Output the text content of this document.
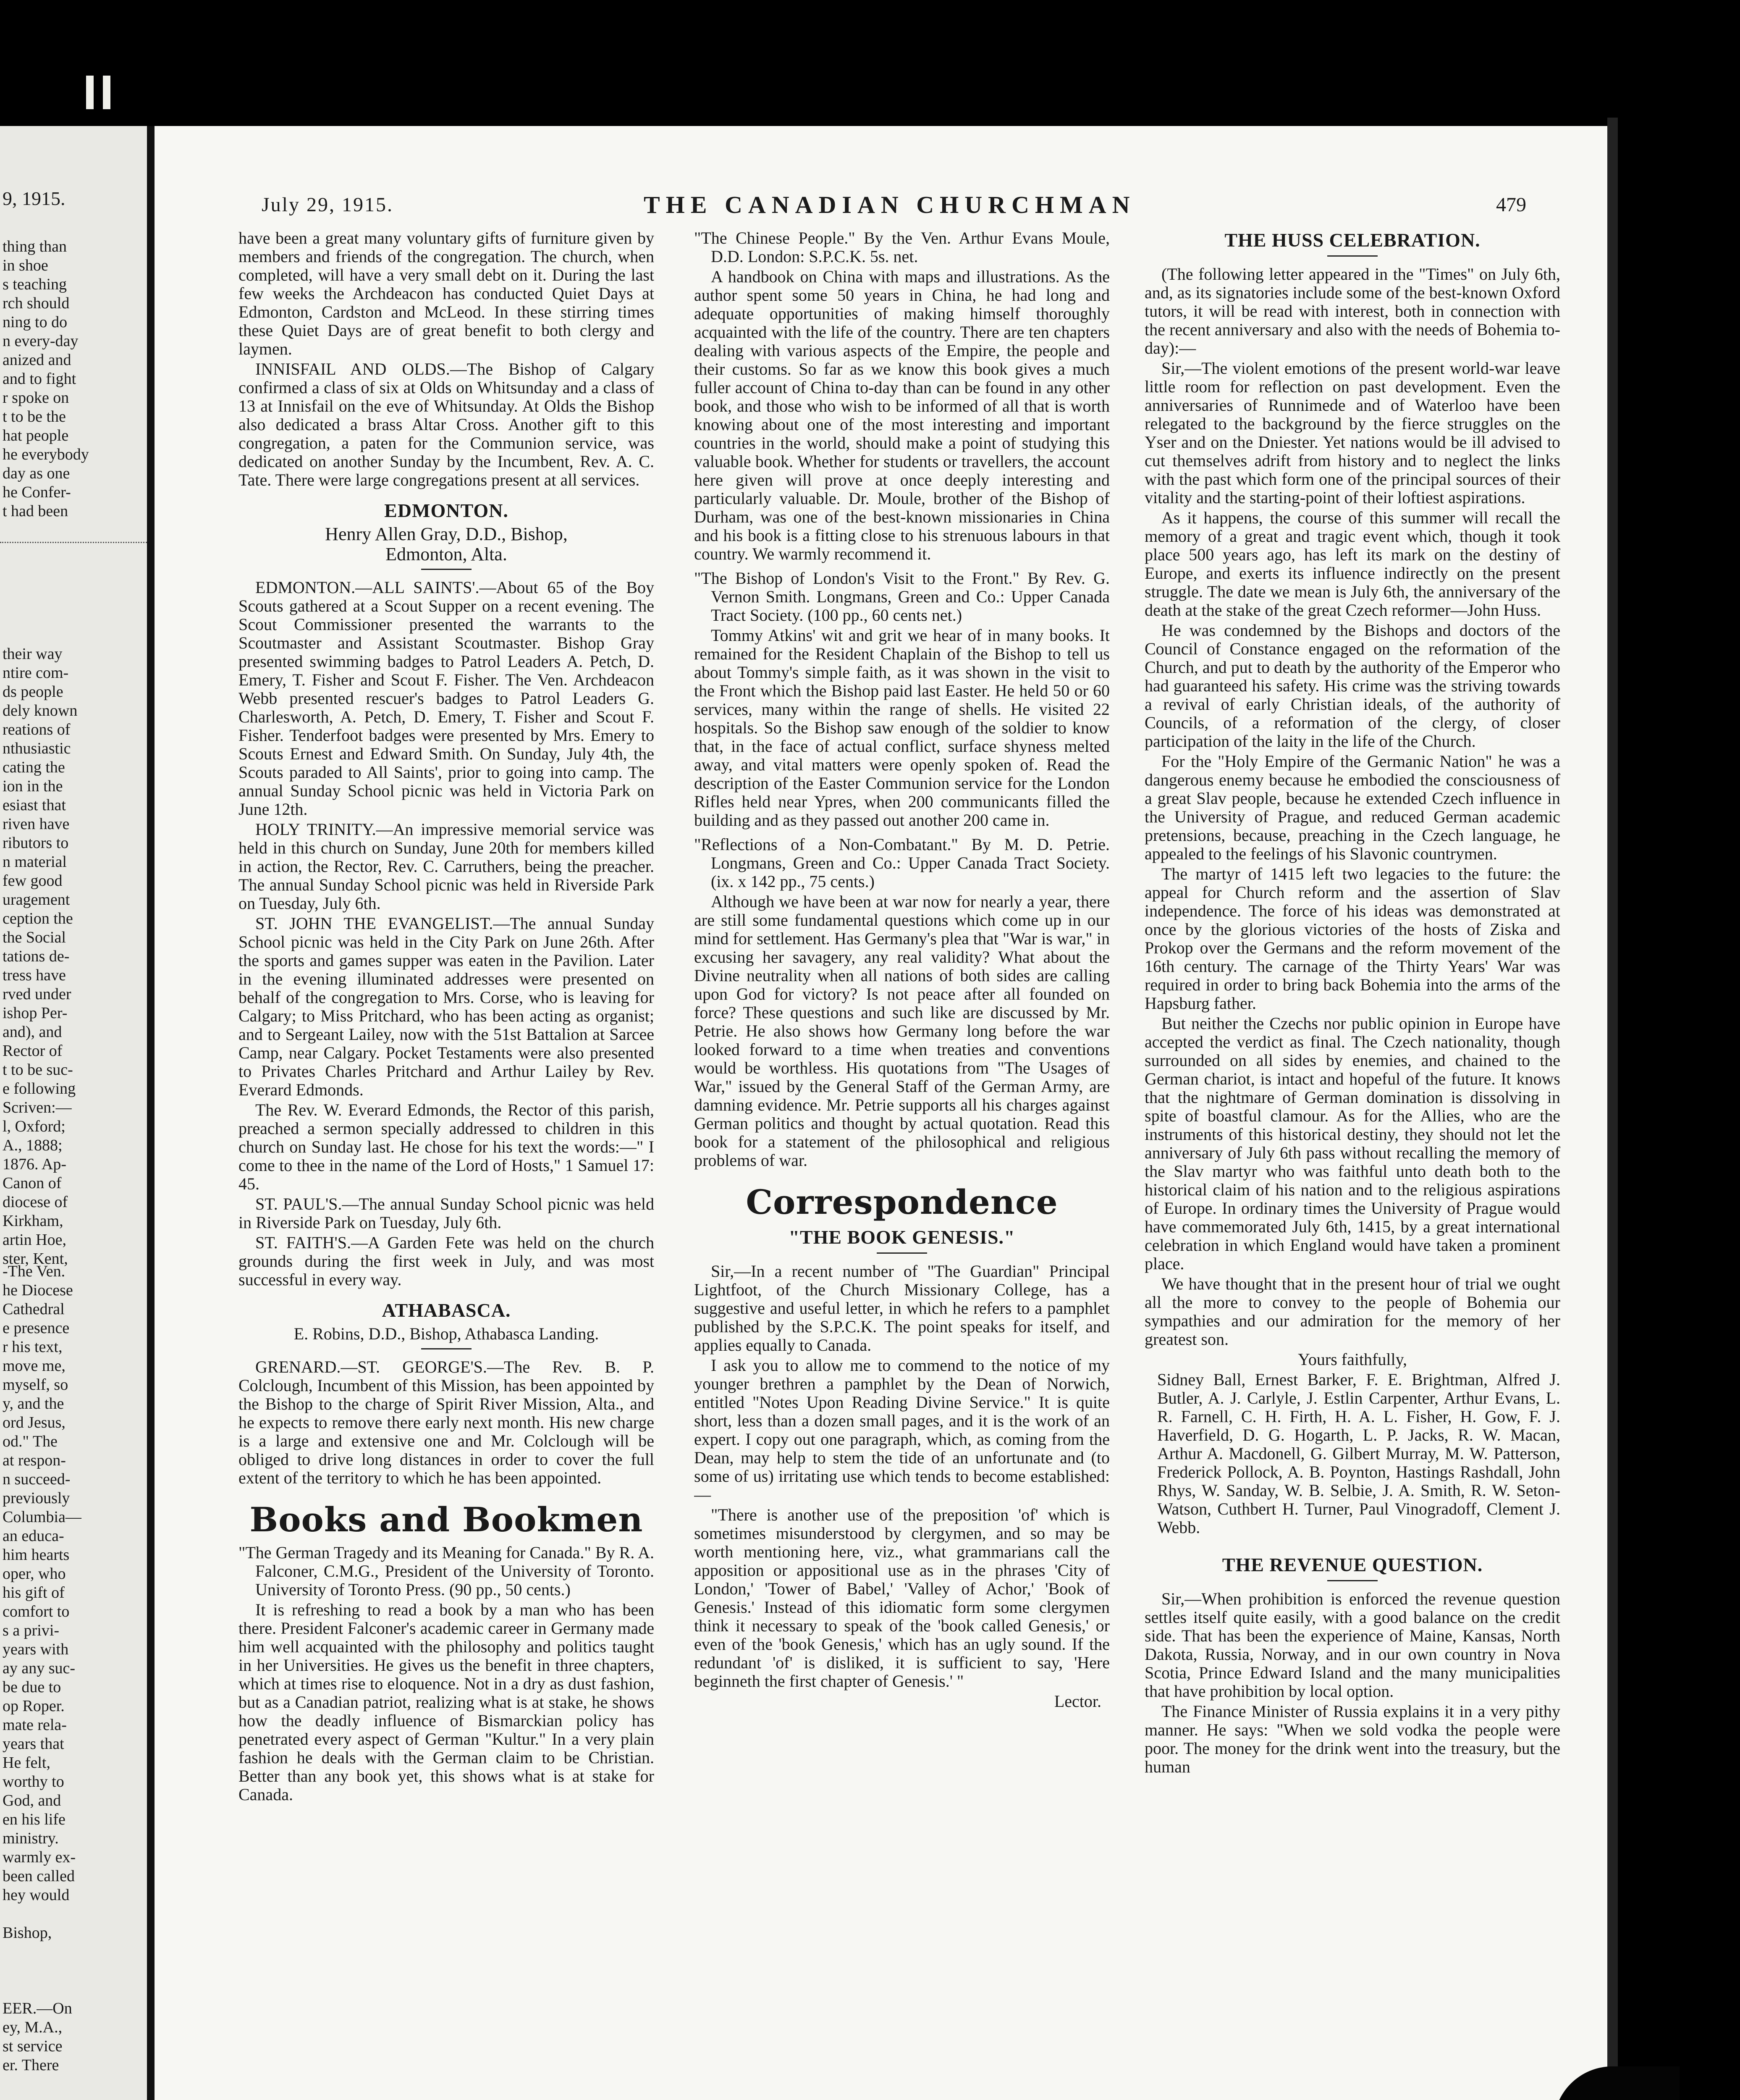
9, 1915.
thing than
in shoe
s teaching
rch should
ning to do
n every-day
anized and
and to fight
r spoke on
t to be the
hat people
he everybody
day as one
he Confer-
t had been
their way
ntire com-
ds people
dely known
reations of
nthusiastic
cating the
ion in the
esiast that
riven have
ributors to
n material
few good
uragement
ception the
the Social
tations de-
tress have
rved under
ishop Per-
and), and
Rector of
t to be suc-
e following
Scriven:—
l, Oxford;
A., 1888;
1876. Ap-
Canon of
diocese of
Kirkham,
artin Hoe,
ster, Kent,
-The Ven.
he Diocese
Cathedral
e presence
r his text,
move me,
myself, so
y, and the
ord Jesus,
od." The
at respon-
n succeed-
previously
Columbia—
an educa-
him hearts
oper, who
his gift of
comfort to
s a privi-
years with
ay any suc-
be due to
op Roper.
mate rela-
years that
He felt,
worthy to
God, and
en his life
ministry.
warmly ex-
been called
hey would
Bishop,
EER.—On
ey, M.A.,
st service
er. There
July 29, 1915.	THE CANADIAN CHURCHMAN	479

have been a great many voluntary gifts of furniture given by members and friends of the congregation. The church, when completed, will have a very small debt on it. During the last few weeks the Archdeacon has conducted Quiet Days at Edmonton, Cardston and McLeod. In these stirring times these Quiet Days are of great benefit to both clergy and laymen.

INNISFAIL AND OLDS.—The Bishop of Calgary confirmed a class of six at Olds on Whitsunday and a class of 13 at Innisfail on the eve of Whitsunday. At Olds the Bishop also dedicated a brass Altar Cross. Another gift to this congregation, a paten for the Communion service, was dedicated on another Sunday by the Incumbent, Rev. A. C. Tate. There were large congregations present at all services.

EDMONTON.
Henry Allen Gray, D.D., Bishop,
Edmonton, Alta.

EDMONTON.—ALL SAINTS'.—About 65 of the Boy Scouts gathered at a Scout Supper on a recent evening. The Scout Commissioner presented the warrants to the Scoutmaster and Assistant Scoutmaster. Bishop Gray presented swimming badges to Patrol Leaders A. Petch, D. Emery, T. Fisher and Scout F. Fisher. The Ven. Archdeacon Webb presented rescuer's badges to Patrol Leaders G. Charlesworth, A. Petch, D. Emery, T. Fisher and Scout F. Fisher. Tenderfoot badges were presented by Mrs. Emery to Scouts Ernest and Edward Smith. On Sunday, July 4th, the Scouts paraded to All Saints', prior to going into camp. The annual Sunday School picnic was held in Victoria Park on June 12th.

HOLY TRINITY.—An impressive memorial service was held in this church on Sunday, June 20th for members killed in action, the Rector, Rev. C. Carruthers, being the preacher. The annual Sunday School picnic was held in Riverside Park on Tuesday, July 6th.

ST. JOHN THE EVANGELIST.—The annual Sunday School picnic was held in the City Park on June 26th. After the sports and games supper was eaten in the Pavilion. Later in the evening illuminated addresses were presented on behalf of the congregation to Mrs. Corse, who is leaving for Calgary; to Miss Pritchard, who has been acting as organist; and to Sergeant Lailey, now with the 51st Battalion at Sarcee Camp, near Calgary. Pocket Testaments were also presented to Privates Charles Pritchard and Arthur Lailey by Rev. Everard Edmonds.

The Rev. W. Everard Edmonds, the Rector of this parish, preached a sermon specially addressed to children in this church on Sunday last. He chose for his text the words:—" I come to thee in the name of the Lord of Hosts," 1 Samuel 17: 45.

ST. PAUL'S.—The annual Sunday School picnic was held in Riverside Park on Tuesday, July 6th.

ST. FAITH'S.—A Garden Fete was held on the church grounds during the first week in July, and was most successful in every way.

ATHABASCA.
E. Robins, D.D., Bishop, Athabasca Landing.

GRENARD.—ST. GEORGE'S.—The Rev. B. P. Colclough, Incumbent of this Mission, has been appointed by the Bishop to the charge of Spirit River Mission, Alta., and he expects to remove there early next month. His new charge is a large and extensive one and Mr. Colclough will be obliged to drive long distances in order to cover the full extent of the territory to which he has been appointed.

Books and Bookmen

"The German Tragedy and its Meaning for Canada." By R. A. Falconer, C.M.G., President of the University of Toronto. University of Toronto Press. (90 pp., 50 cents.)

It is refreshing to read a book by a man who has been there. President Falconer's academic career in Germany made him well acquainted with the philosophy and politics taught in her Universities. He gives us the benefit in three chapters, which at times rise to eloquence. Not in a dry as dust fashion, but as a Canadian patriot, realizing what is at stake, he shows how the deadly influence of Bismarckian policy has penetrated every aspect of German "Kultur." In a very plain fashion he deals with the German claim to be Christian. Better than any book yet, this shows what is at stake for Canada.

"The Chinese People." By the Ven. Arthur Evans Moule, D.D. London: S.P.C.K. 5s. net.

A handbook on China with maps and illustrations. As the author spent some 50 years in China, he had long and adequate opportunities of making himself thoroughly acquainted with the life of the country. There are ten chapters dealing with various aspects of the Empire, the people and their customs. So far as we know this book gives a much fuller account of China to-day than can be found in any other book, and those who wish to be informed of all that is worth knowing about one of the most interesting and important countries in the world, should make a point of studying this valuable book. Whether for students or travellers, the account here given will prove at once deeply interesting and particularly valuable. Dr. Moule, brother of the Bishop of Durham, was one of the best-known missionaries in China and his book is a fitting close to his strenuous labours in that country. We warmly recommend it.

"The Bishop of London's Visit to the Front." By Rev. G. Vernon Smith. Longmans, Green and Co.: Upper Canada Tract Society. (100 pp., 60 cents net.)

Tommy Atkins' wit and grit we hear of in many books. It remained for the Resident Chaplain of the Bishop to tell us about Tommy's simple faith, as it was shown in the visit to the Front which the Bishop paid last Easter. He held 50 or 60 services, many within the range of shells. He visited 22 hospitals. So the Bishop saw enough of the soldier to know that, in the face of actual conflict, surface shyness melted away, and vital matters were openly spoken of. Read the description of the Easter Communion service for the London Rifles held near Ypres, when 200 communicants filled the building and as they passed out another 200 came in.

"Reflections of a Non-Combatant." By M. D. Petrie. Longmans, Green and Co.: Upper Canada Tract Society. (ix. x 142 pp., 75 cents.)

Although we have been at war now for nearly a year, there are still some fundamental questions which come up in our mind for settlement. Has Germany's plea that "War is war," in excusing her savagery, any real validity? What about the Divine neutrality when all nations of both sides are calling upon God for victory? Is not peace after all founded on force? These questions and such like are discussed by Mr. Petrie. He also shows how Germany long before the war looked forward to a time when treaties and conventions would be worthless. His quotations from "The Usages of War," issued by the General Staff of the German Army, are damning evidence. Mr. Petrie supports all his charges against German politics and thought by actual quotation. Read this book for a statement of the philosophical and religious problems of war.

Correspondence
"THE BOOK GENESIS."

Sir,—In a recent number of "The Guardian" Principal Lightfoot, of the Church Missionary College, has a suggestive and useful letter, in which he refers to a pamphlet published by the S.P.C.K. The point speaks for itself, and applies equally to Canada.

I ask you to allow me to commend to the notice of my younger brethren a pamphlet by the Dean of Norwich, entitled "Notes Upon Reading Divine Service." It is quite short, less than a dozen small pages, and it is the work of an expert. I copy out one paragraph, which, as coming from the Dean, may help to stem the tide of an unfortunate and (to some of us) irritating use which tends to become established:—

"There is another use of the preposition 'of' which is sometimes misunderstood by clergymen, and so may be worth mentioning here, viz., what grammarians call the apposition or appositional use as in the phrases 'City of London,' 'Tower of Babel,' 'Valley of Achor,' 'Book of Genesis.' Instead of this idiomatic form some clergymen think it necessary to speak of the 'book called Genesis,' or even of the 'book Genesis,' which has an ugly sound. If the redundant 'of' is disliked, it is sufficient to say, 'Here beginneth the first chapter of Genesis.' "

Lector.

THE HUSS CELEBRATION.

(The following letter appeared in the "Times" on July 6th, and, as its signatories include some of the best-known Oxford tutors, it will be read with interest, both in connection with the recent anniversary and also with the needs of Bohemia to-day):—

Sir,—The violent emotions of the present world-war leave little room for reflection on past development. Even the anniversaries of Runnimede and of Waterloo have been relegated to the background by the fierce struggles on the Yser and on the Dniester. Yet nations would be ill advised to cut themselves adrift from history and to neglect the links with the past which form one of the principal sources of their vitality and the starting-point of their loftiest aspirations.

As it happens, the course of this summer will recall the memory of a great and tragic event which, though it took place 500 years ago, has left its mark on the destiny of Europe, and exerts its influence indirectly on the present struggle. The date we mean is July 6th, the anniversary of the death at the stake of the great Czech reformer—John Huss.

He was condemned by the Bishops and doctors of the Council of Constance engaged on the reformation of the Church, and put to death by the authority of the Emperor who had guaranteed his safety. His crime was the striving towards a revival of early Christian ideals, of the authority of Councils, of a reformation of the clergy, of closer participation of the laity in the life of the Church.

For the "Holy Empire of the Germanic Nation" he was a dangerous enemy because he embodied the consciousness of a great Slav people, because he extended Czech influence in the University of Prague, and reduced German academic pretensions, because, preaching in the Czech language, he appealed to the feelings of his Slavonic countrymen.

The martyr of 1415 left two legacies to the future: the appeal for Church reform and the assertion of Slav independence. The force of his ideas was demonstrated at once by the glorious victories of the hosts of Ziska and Prokop over the Germans and the reform movement of the 16th century. The carnage of the Thirty Years' War was required in order to bring back Bohemia into the arms of the Hapsburg father.

But neither the Czechs nor public opinion in Europe have accepted the verdict as final. The Czech nationality, though surrounded on all sides by enemies, and chained to the German chariot, is intact and hopeful of the future. It knows that the nightmare of German domination is dissolving in spite of boastful clamour. As for the Allies, who are the instruments of this historical destiny, they should not let the anniversary of July 6th pass without recalling the memory of the Slav martyr who was faithful unto death both to the historical claim of his nation and to the religious aspirations of Europe. In ordinary times the University of Prague would have commemorated July 6th, 1415, by a great international celebration in which England would have taken a prominent place.

We have thought that in the present hour of trial we ought all the more to convey to the people of Bohemia our sympathies and our admiration for the memory of her greatest son.

Yours faithfully,

Sidney Ball, Ernest Barker, F. E. Brightman, Alfred J. Butler, A. J. Carlyle, J. Estlin Carpenter, Arthur Evans, L. R. Farnell, C. H. Firth, H. A. L. Fisher, H. Gow, F. J. Haverfield, D. G. Hogarth, L. P. Jacks, R. W. Macan, Arthur A. Macdonell, G. Gilbert Murray, M. W. Patterson, Frederick Pollock, A. B. Poynton, Hastings Rashdall, John Rhys, W. Sanday, W. B. Selbie, J. A. Smith, R. W. Seton-Watson, Cuthbert H. Turner, Paul Vinogradoff, Clement J. Webb.

THE REVENUE QUESTION.

Sir,—When prohibition is enforced the revenue question settles itself quite easily, with a good balance on the credit side. That has been the experience of Maine, Kansas, North Dakota, Russia, Norway, and in our own country in Nova Scotia, Prince Edward Island and the many municipalities that have prohibition by local option.

The Finance Minister of Russia explains it in a very pithy manner. He says: "When we sold vodka the people were poor. The money for the drink went into the treasury, but the human
